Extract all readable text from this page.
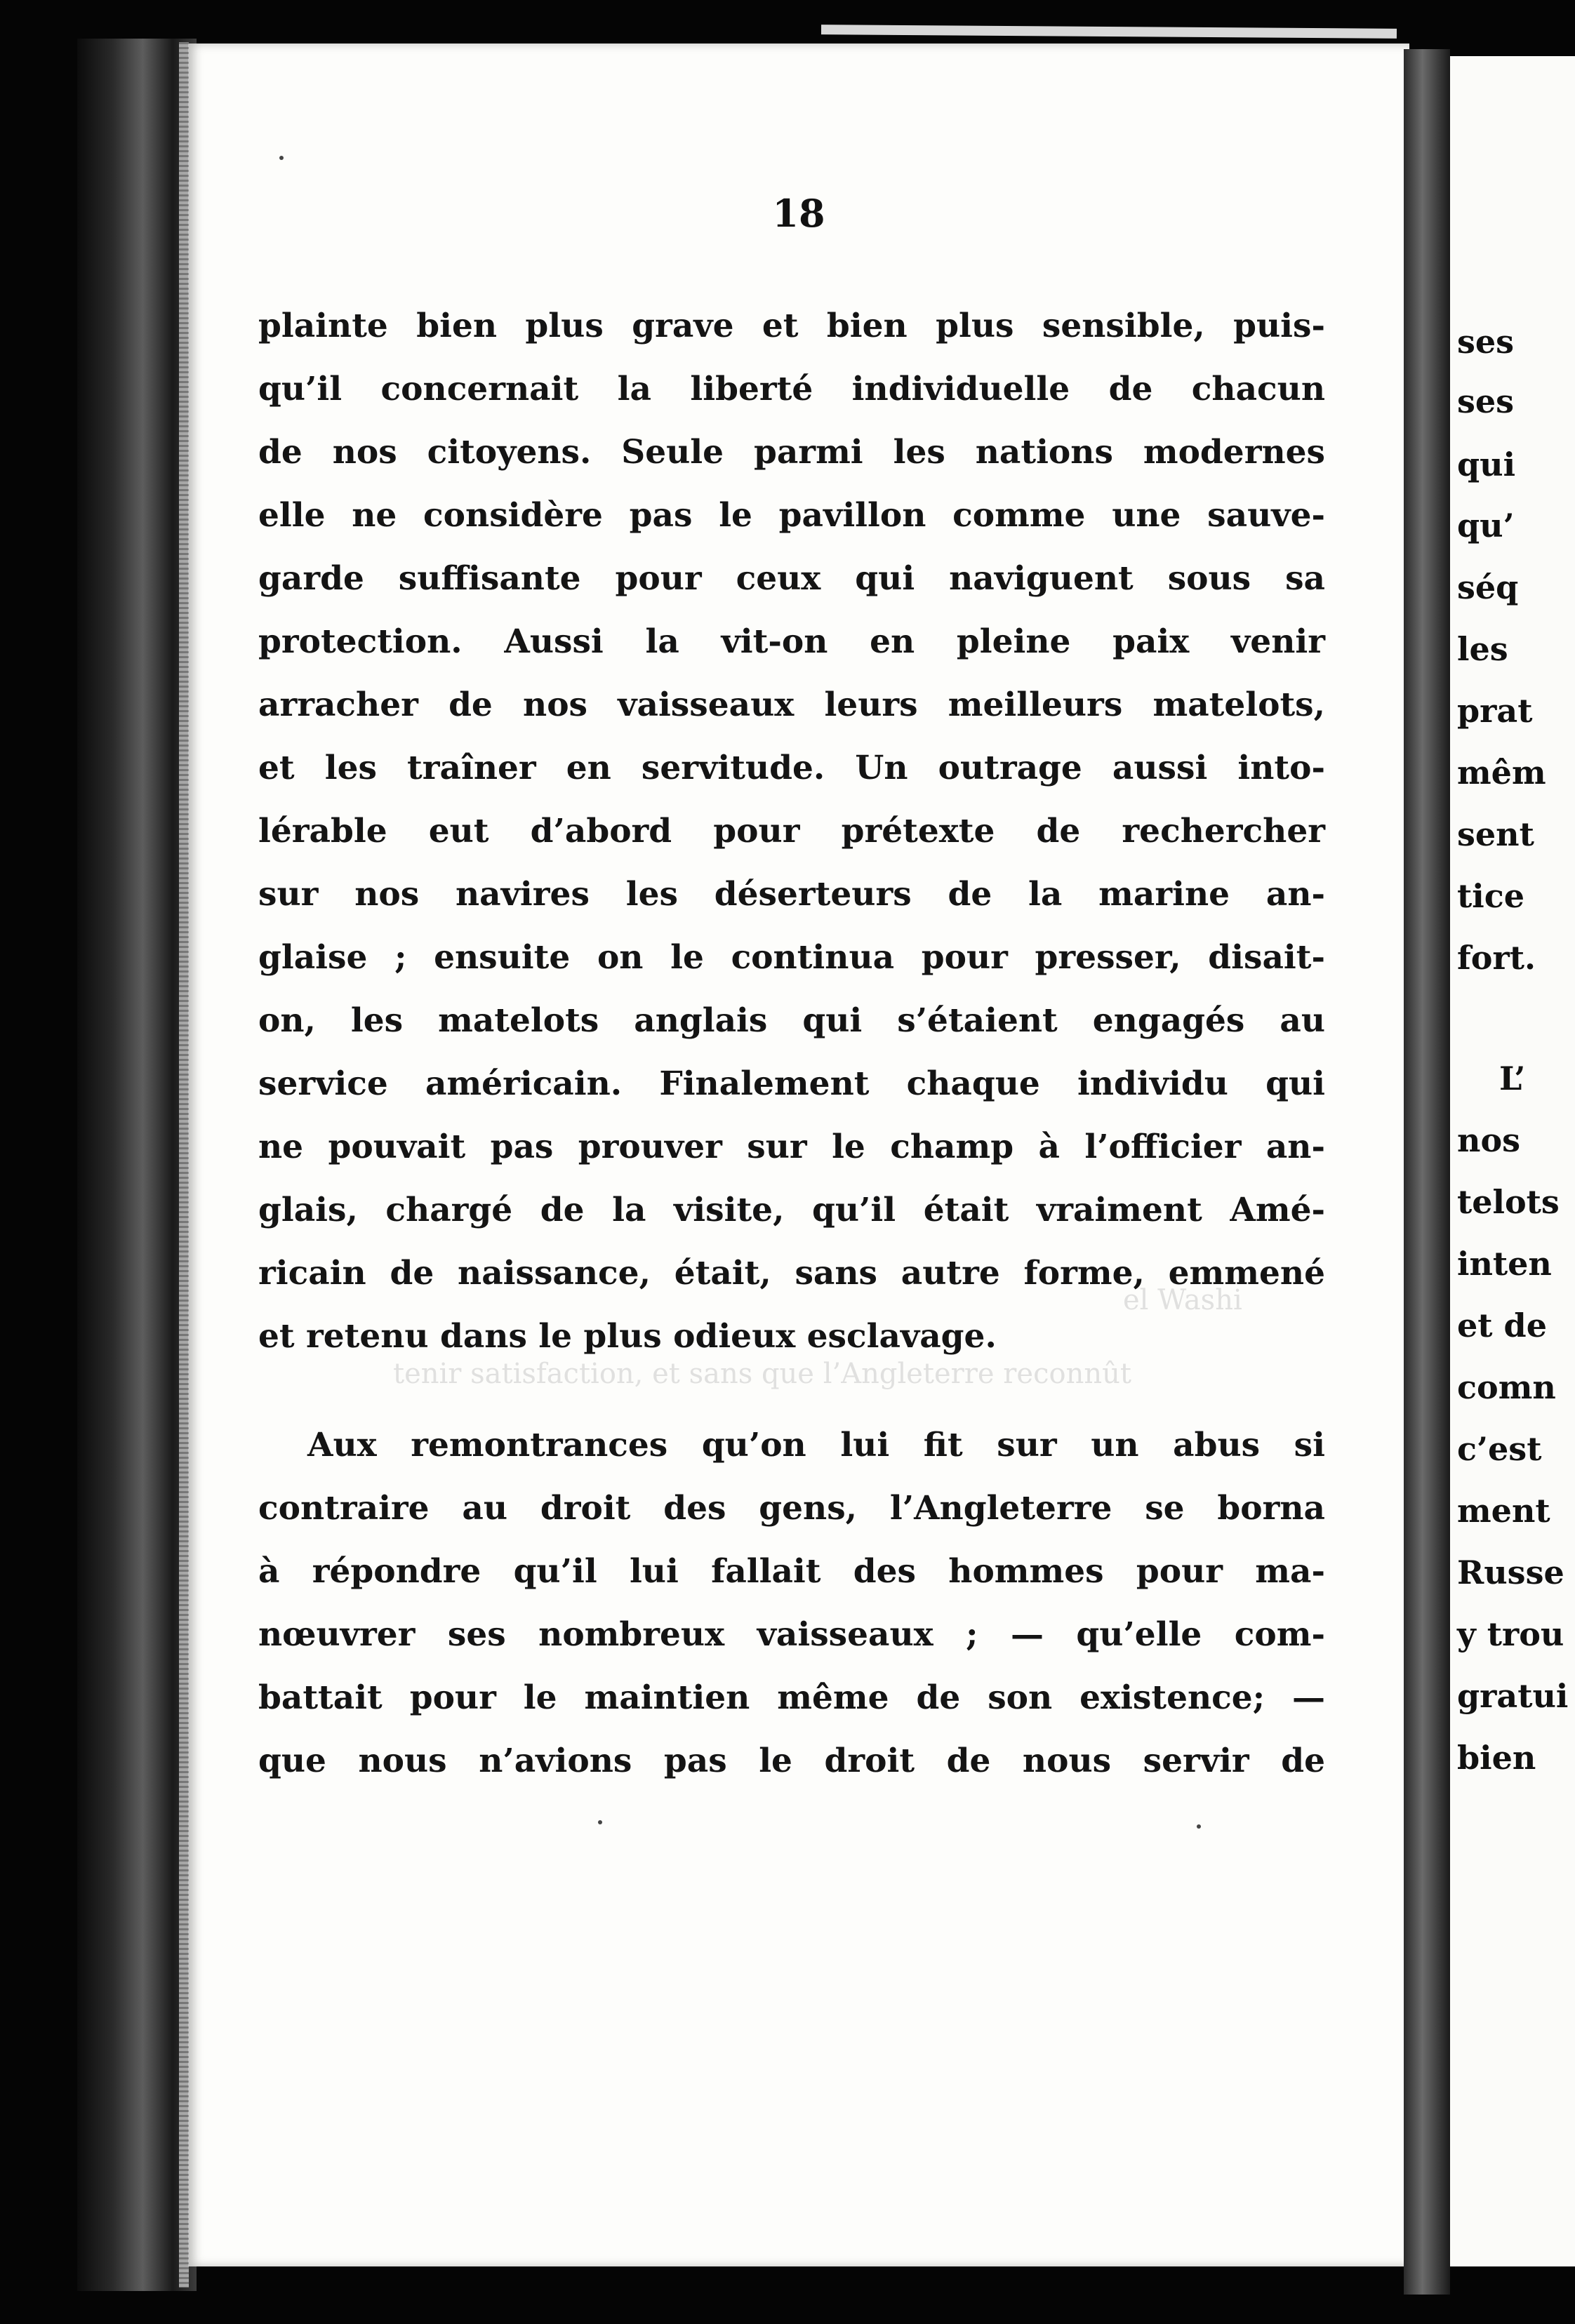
tenir satisfaction, et sans que l’Angleterre reconnût
el Washi
18
plainte bien plus grave et bien plus sensible, puis-
qu’il concernait la liberté individuelle de chacun
de nos citoyens. Seule parmi les nations modernes
elle ne considère pas le pavillon comme une sauve-
garde suffisante pour ceux qui naviguent sous sa
protection. Aussi la vit-on en pleine paix venir
arracher de nos vaisseaux leurs meilleurs matelots,
et les traîner en servitude. Un outrage aussi into-
lérable eut d’abord pour prétexte de rechercher
sur nos navires les déserteurs de la marine an-
glaise ; ensuite on le continua pour presser, disait-
on, les matelots anglais qui s’étaient engagés au
service américain. Finalement chaque individu qui
ne pouvait pas prouver sur le champ à l’officier an-
glais, chargé de la visite, qu’il était vraiment Amé-
ricain de naissance, était, sans autre forme, emmené
et retenu dans le plus odieux esclavage.
Aux remontrances qu’on lui fit sur un abus si
contraire au droit des gens, l’Angleterre se borna
à répondre qu’il lui fallait des hommes pour ma-
nœuvrer ses nombreux vaisseaux ; — qu’elle com-
battait pour le maintien même de son existence; —
que nous n’avions pas le droit de nous servir de
ses
ses
qui
qu’
séq
les
prat
mêm
sent
tice
fort.
L’
nos
telots
inten
et de
comn
c’est
ment
Russe
y trou
gratui
bien
